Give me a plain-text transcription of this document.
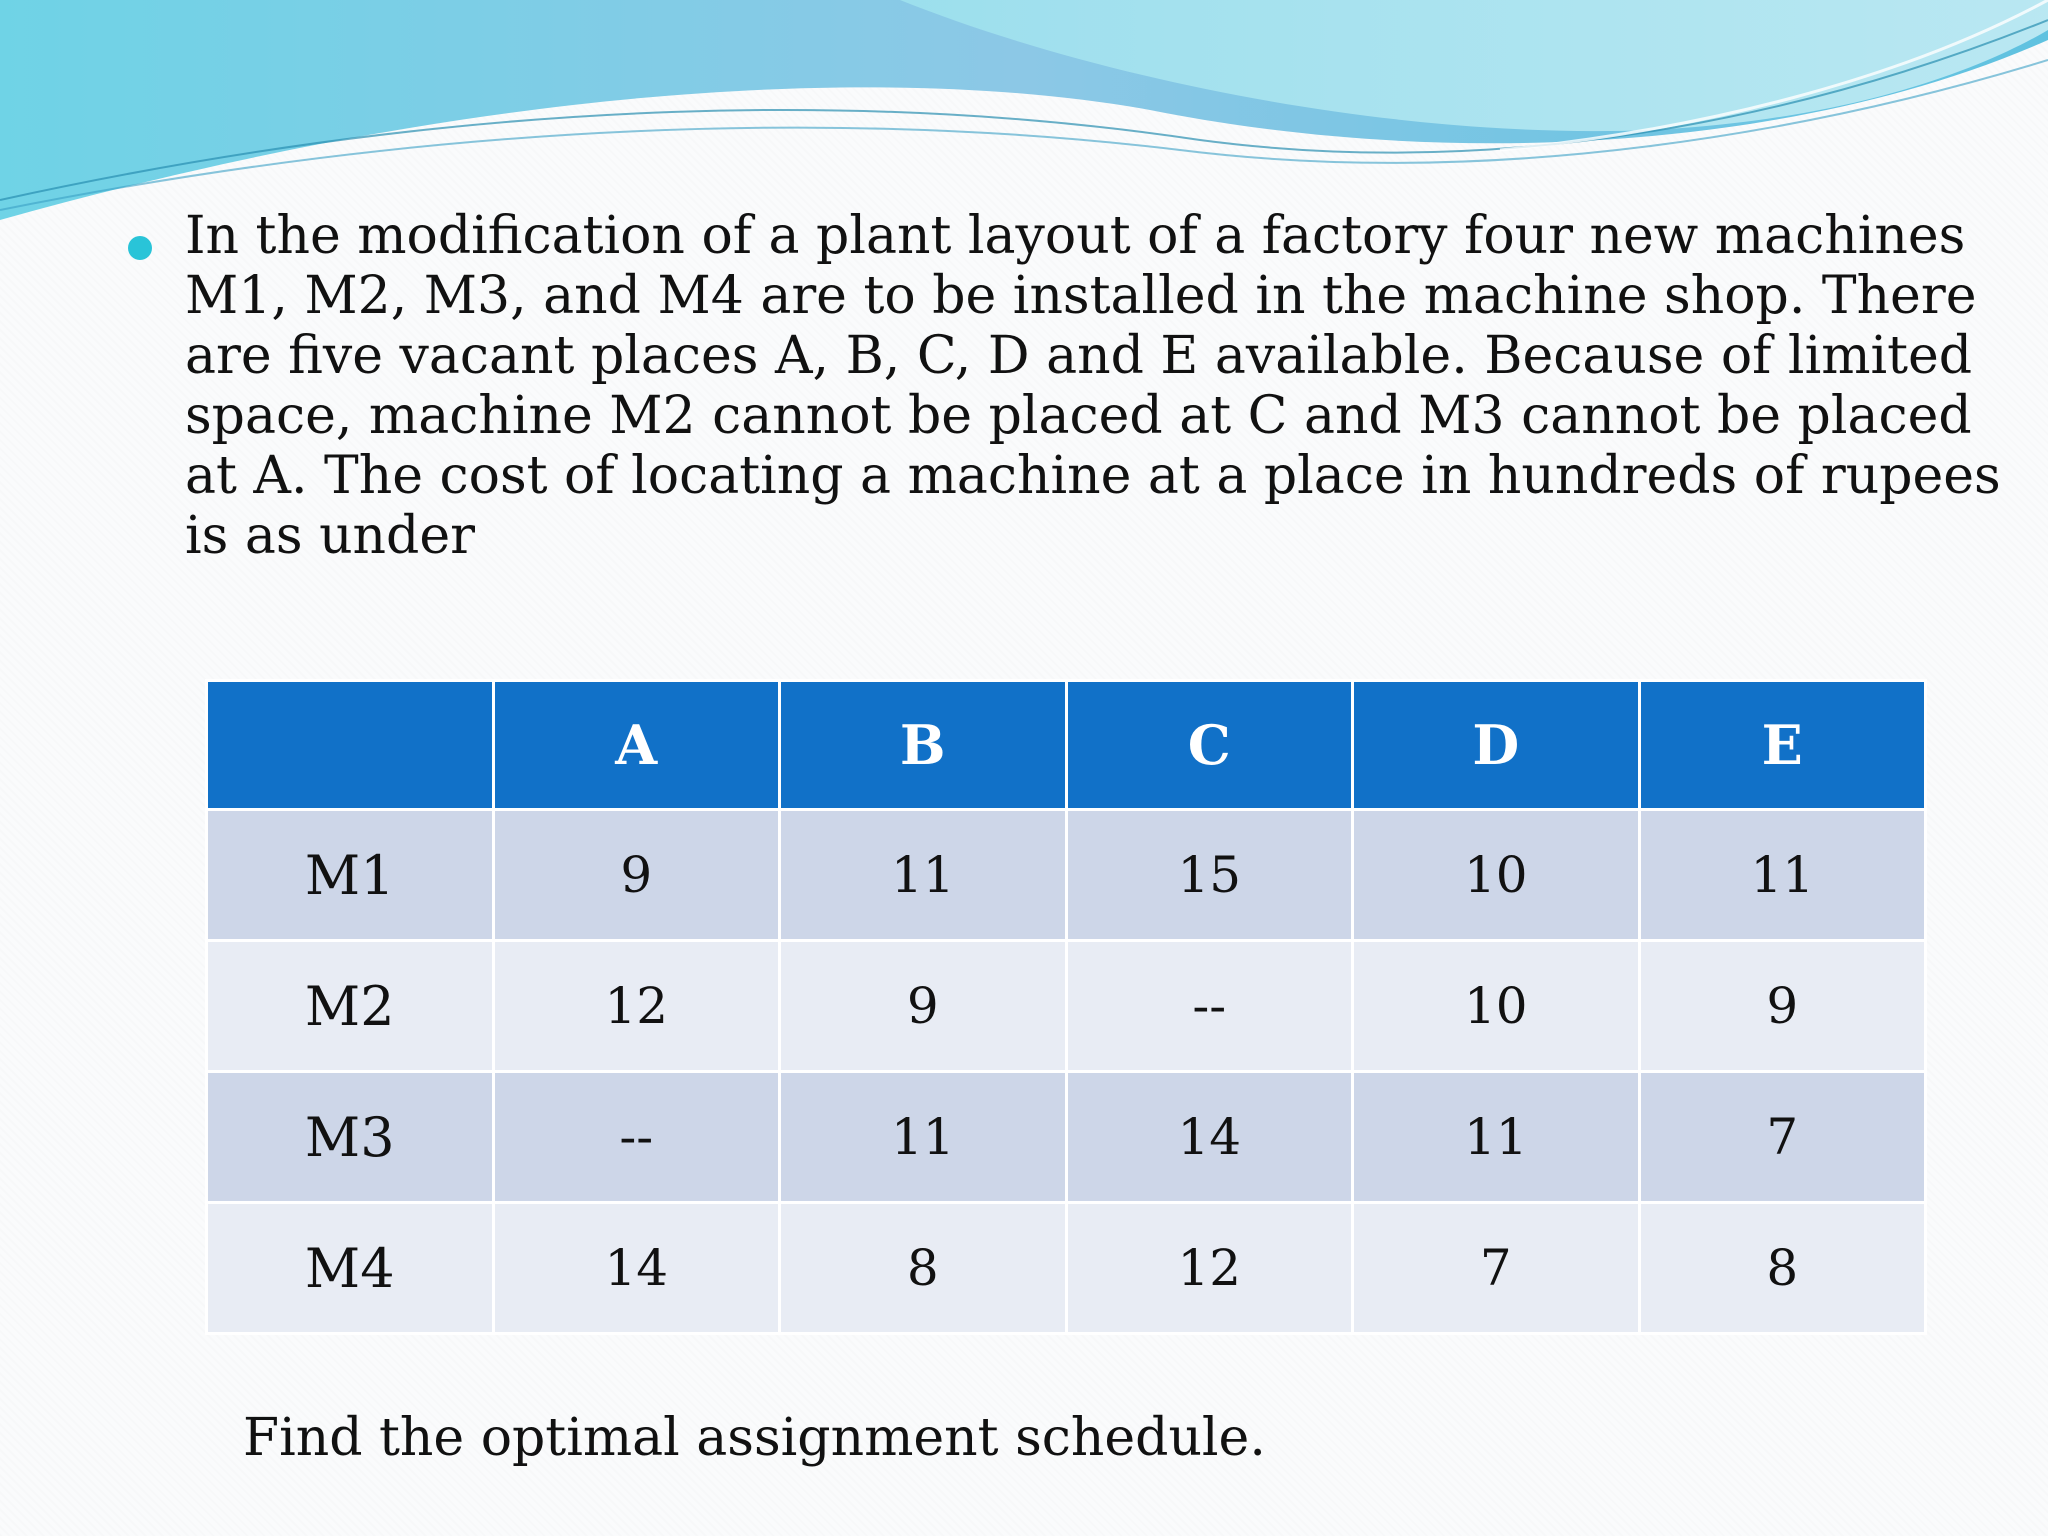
In the modification of a plant layout of a factory four new machines M1, M2, M3, and M4 are to be installed in the machine shop. There are five vacant places A, B, C, D and E available. Because of limited space, machine M2 cannot be placed at C and M3 cannot be placed at A. The cost of locating a machine at a place in hundreds of rupees is as under

	A	B	C	D	E
M1	9	11	15	10	11
M2	12	9	--	10	9
M3	--	11	14	11	7
M4	14	8	12	7	8

Find the optimal assignment schedule.
